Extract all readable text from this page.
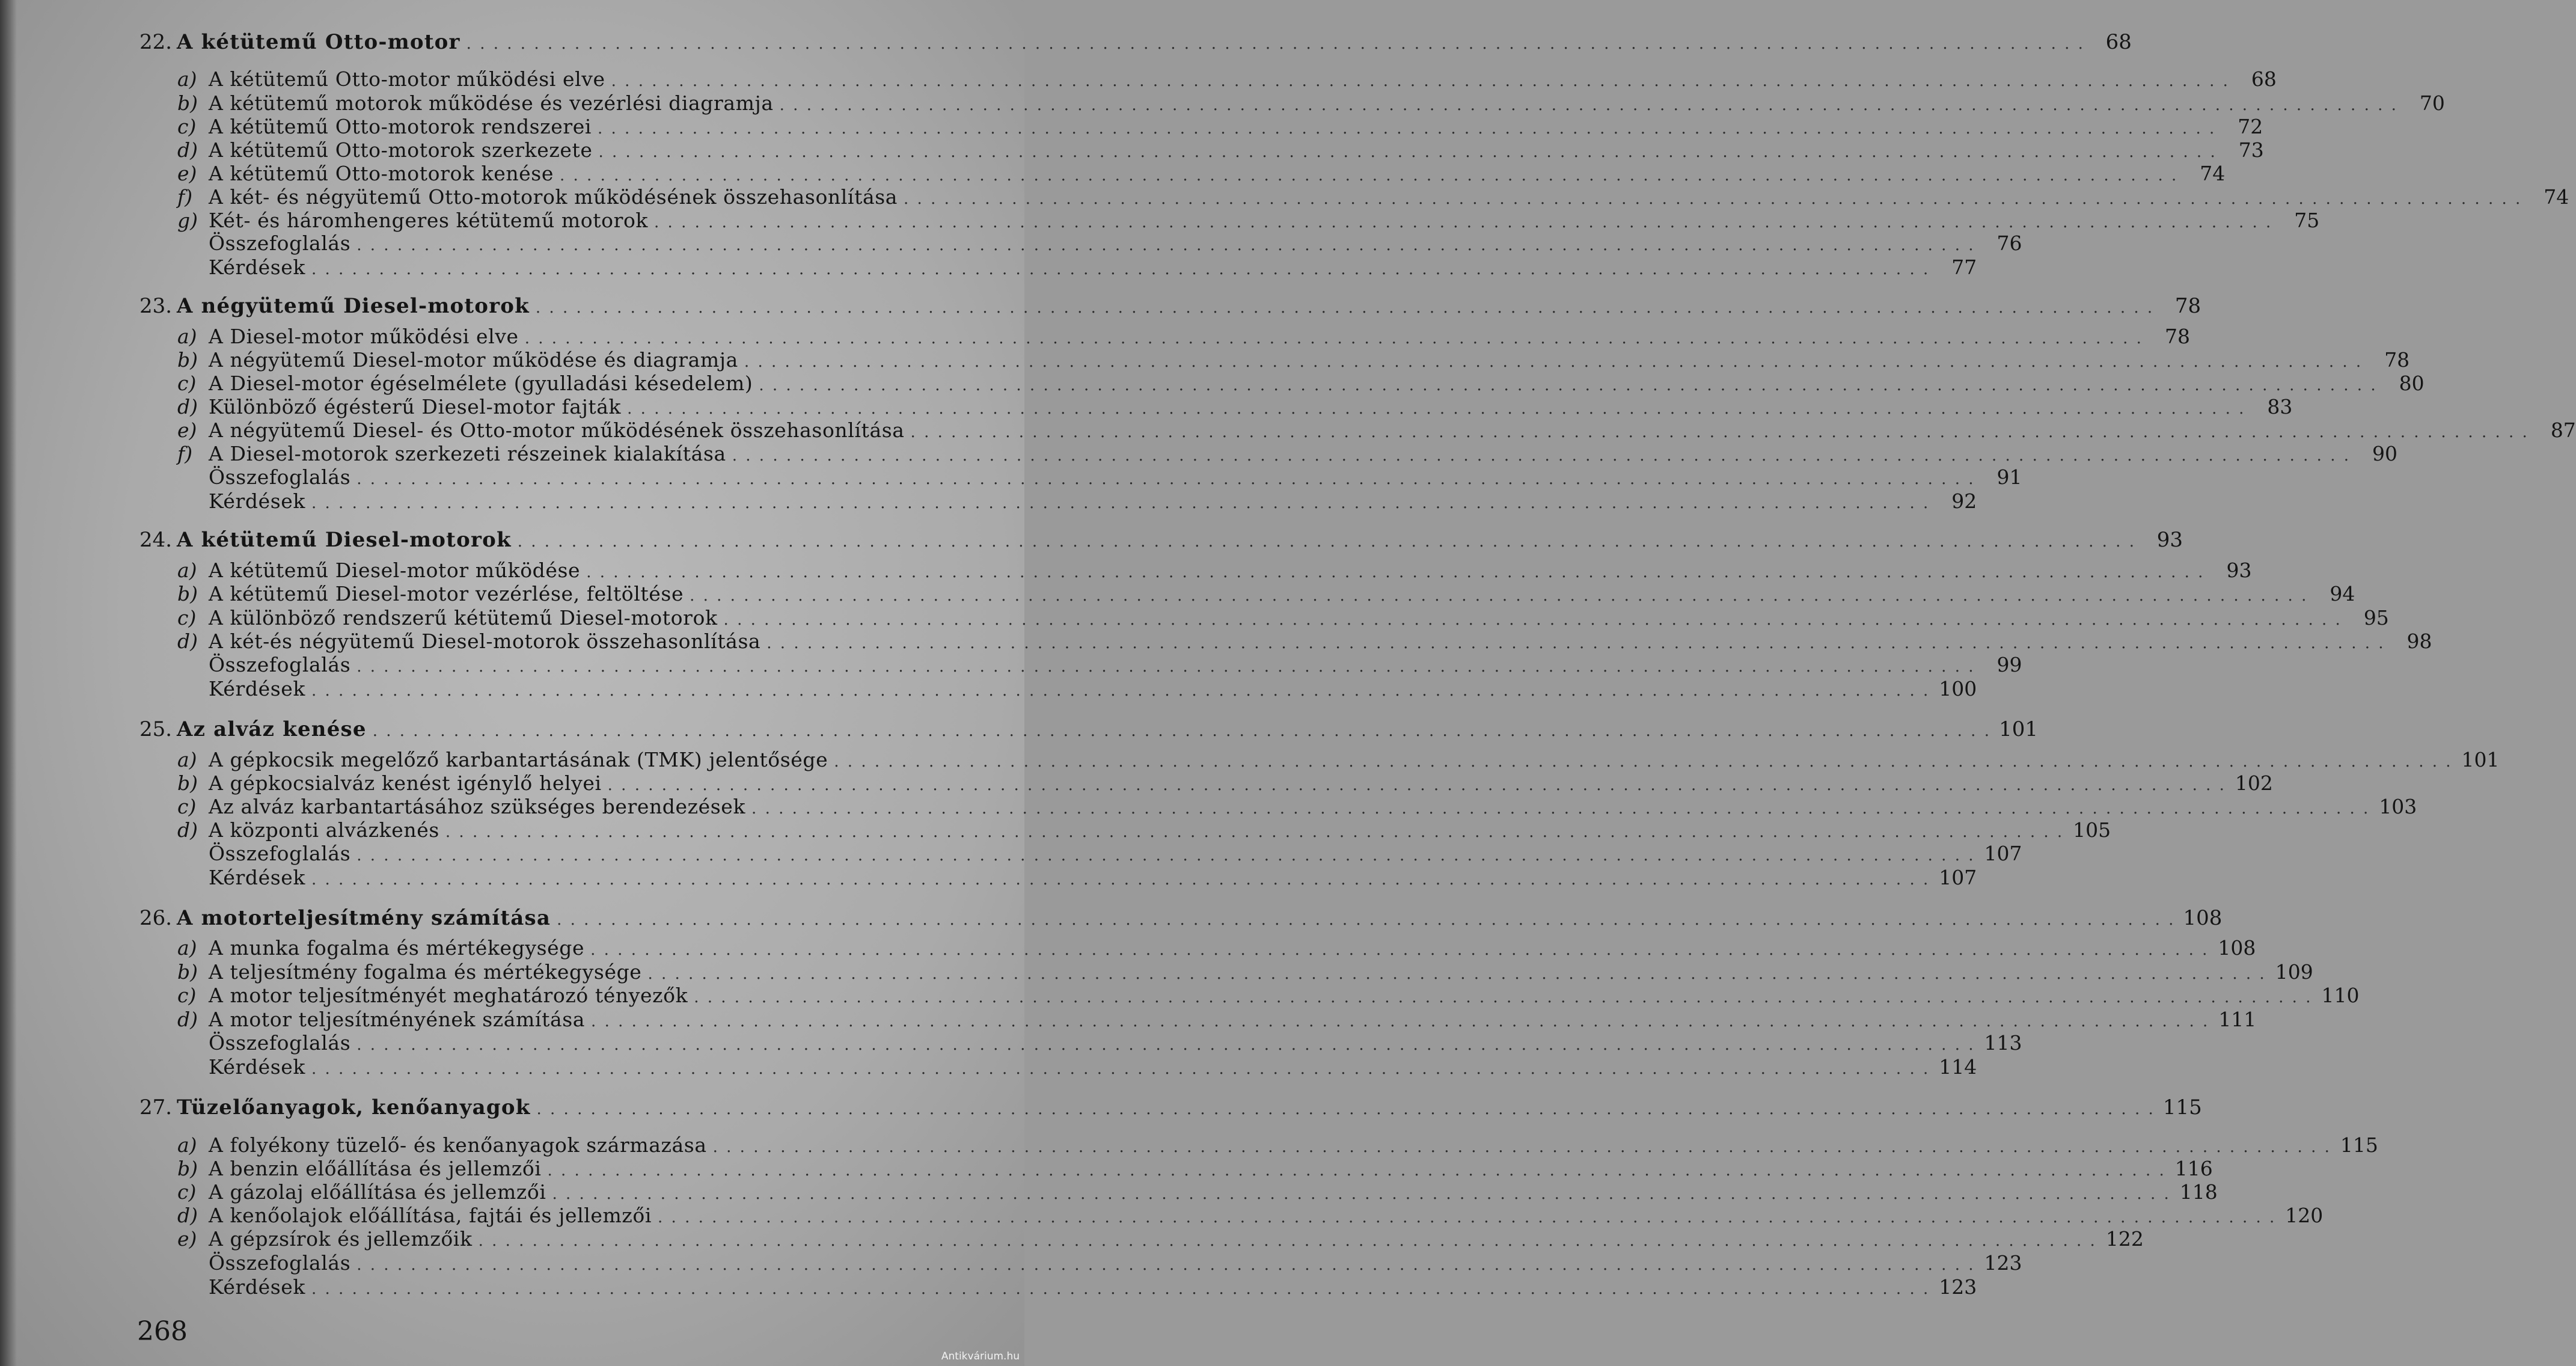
22. A kétütemű Otto-motor . . . . . . . . . . . . . . . . . . . . . . . . . . . . . . . . . . . . . . . . . . . . . . . . . . . . . . . . . . . . . . . . . . . . . . . . . . . . . . . . . . . . . . . . . . . . . . . . . . . . . . . . . . . . . . . . . . . . . . . .	68
a) A kétütemű Otto-motor működési elve . . . . . . . . . . . . . . . . . . . . . . . . . . . . . . . . . . . . . . . . . . . . . . . . . . . . . . . . . . . . . . . . . . . . . . . . . . . . . . . . . . . . . . . . . . . . . . . . . . . . . . . . . . . . . . . . . . . . . . . .	68
b) A kétütemű motorok működése és vezérlési diagramja . . . . . . . . . . . . . . . . . . . . . . . . . . . . . . . . . . . . . . . . . . . . . . . . . . . . . . . . . . . . . . . . . . . . . . . . . . . . . . . . . . . . . . . . . . . . . . . . . . . . . . . . . . . . . . . . . . . . . . . .	70
c) A kétütemű Otto-motorok rendszerei . . . . . . . . . . . . . . . . . . . . . . . . . . . . . . . . . . . . . . . . . . . . . . . . . . . . . . . . . . . . . . . . . . . . . . . . . . . . . . . . . . . . . . . . . . . . . . . . . . . . . . . . . . . . . . . . . . . . . . . .	72
d) A kétütemű Otto-motorok szerkezete . . . . . . . . . . . . . . . . . . . . . . . . . . . . . . . . . . . . . . . . . . . . . . . . . . . . . . . . . . . . . . . . . . . . . . . . . . . . . . . . . . . . . . . . . . . . . . . . . . . . . . . . . . . . . . . . . . . . . . . .	73
e) A kétütemű Otto-motorok kenése . . . . . . . . . . . . . . . . . . . . . . . . . . . . . . . . . . . . . . . . . . . . . . . . . . . . . . . . . . . . . . . . . . . . . . . . . . . . . . . . . . . . . . . . . . . . . . . . . . . . . . . . . . . . . . . . . . . . . . . .	74
f) A két- és négyütemű Otto-motorok működésének összehasonlítása . . . . . . . . . . . . . . . . . . . . . . . . . . . . . . . . . . . . . . . . . . . . . . . . . . . . . . . . . . . . . . . . . . . . . . . . . . . . . . . . . . . . . . . . . . . . . . . . . . . . . . . . . . . . . . . . . . . . . . . .	74
g) Két- és háromhengeres kétütemű motorok . . . . . . . . . . . . . . . . . . . . . . . . . . . . . . . . . . . . . . . . . . . . . . . . . . . . . . . . . . . . . . . . . . . . . . . . . . . . . . . . . . . . . . . . . . . . . . . . . . . . . . . . . . . . . . . . . . . . . . . .	75
Összefoglalás . . . . . . . . . . . . . . . . . . . . . . . . . . . . . . . . . . . . . . . . . . . . . . . . . . . . . . . . . . . . . . . . . . . . . . . . . . . . . . . . . . . . . . . . . . . . . . . . . . . . . . . . . . . . . . . . . . . . . . . .	76
Kérdések . . . . . . . . . . . . . . . . . . . . . . . . . . . . . . . . . . . . . . . . . . . . . . . . . . . . . . . . . . . . . . . . . . . . . . . . . . . . . . . . . . . . . . . . . . . . . . . . . . . . . . . . . . . . . . . . . . . . . . . .	77
23. A négyütemű Diesel-motorok . . . . . . . . . . . . . . . . . . . . . . . . . . . . . . . . . . . . . . . . . . . . . . . . . . . . . . . . . . . . . . . . . . . . . . . . . . . . . . . . . . . . . . . . . . . . . . . . . . . . . . . . . . . . . . . . . . . . . . . .	78
a) A Diesel-motor működési elve . . . . . . . . . . . . . . . . . . . . . . . . . . . . . . . . . . . . . . . . . . . . . . . . . . . . . . . . . . . . . . . . . . . . . . . . . . . . . . . . . . . . . . . . . . . . . . . . . . . . . . . . . . . . . . . . . . . . . . . .	78
b) A négyütemű Diesel-motor működése és diagramja . . . . . . . . . . . . . . . . . . . . . . . . . . . . . . . . . . . . . . . . . . . . . . . . . . . . . . . . . . . . . . . . . . . . . . . . . . . . . . . . . . . . . . . . . . . . . . . . . . . . . . . . . . . . . . . . . . . . . . . .	78
c) A Diesel-motor égéselmélete (gyulladási késedelem) . . . . . . . . . . . . . . . . . . . . . . . . . . . . . . . . . . . . . . . . . . . . . . . . . . . . . . . . . . . . . . . . . . . . . . . . . . . . . . . . . . . . . . . . . . . . . . . . . . . . . . . . . . . . . . . . . . . . . . . .	80
d) Különböző égésterű Diesel-motor fajták . . . . . . . . . . . . . . . . . . . . . . . . . . . . . . . . . . . . . . . . . . . . . . . . . . . . . . . . . . . . . . . . . . . . . . . . . . . . . . . . . . . . . . . . . . . . . . . . . . . . . . . . . . . . . . . . . . . . . . . .	83
e) A négyütemű Diesel- és Otto-motor működésének összehasonlítása . . . . . . . . . . . . . . . . . . . . . . . . . . . . . . . . . . . . . . . . . . . . . . . . . . . . . . . . . . . . . . . . . . . . . . . . . . . . . . . . . . . . . . . . . . . . . . . . . . . . . . . . . . . . . . . . . . . . . . . .	87
f) A Diesel-motorok szerkezeti részeinek kialakítása . . . . . . . . . . . . . . . . . . . . . . . . . . . . . . . . . . . . . . . . . . . . . . . . . . . . . . . . . . . . . . . . . . . . . . . . . . . . . . . . . . . . . . . . . . . . . . . . . . . . . . . . . . . . . . . . . . . . . . . .	90
Összefoglalás . . . . . . . . . . . . . . . . . . . . . . . . . . . . . . . . . . . . . . . . . . . . . . . . . . . . . . . . . . . . . . . . . . . . . . . . . . . . . . . . . . . . . . . . . . . . . . . . . . . . . . . . . . . . . . . . . . . . . . . .	91
Kérdések . . . . . . . . . . . . . . . . . . . . . . . . . . . . . . . . . . . . . . . . . . . . . . . . . . . . . . . . . . . . . . . . . . . . . . . . . . . . . . . . . . . . . . . . . . . . . . . . . . . . . . . . . . . . . . . . . . . . . . . .	92
24. A kétütemű Diesel-motorok . . . . . . . . . . . . . . . . . . . . . . . . . . . . . . . . . . . . . . . . . . . . . . . . . . . . . . . . . . . . . . . . . . . . . . . . . . . . . . . . . . . . . . . . . . . . . . . . . . . . . . . . . . . . . . . . . . . . . . . .	93
a) A kétütemű Diesel-motor működése . . . . . . . . . . . . . . . . . . . . . . . . . . . . . . . . . . . . . . . . . . . . . . . . . . . . . . . . . . . . . . . . . . . . . . . . . . . . . . . . . . . . . . . . . . . . . . . . . . . . . . . . . . . . . . . . . . . . . . . .	93
b) A kétütemű Diesel-motor vezérlése, feltöltése . . . . . . . . . . . . . . . . . . . . . . . . . . . . . . . . . . . . . . . . . . . . . . . . . . . . . . . . . . . . . . . . . . . . . . . . . . . . . . . . . . . . . . . . . . . . . . . . . . . . . . . . . . . . . . . . . . . . . . . .	94
c) A különböző rendszerű kétütemű Diesel-motorok . . . . . . . . . . . . . . . . . . . . . . . . . . . . . . . . . . . . . . . . . . . . . . . . . . . . . . . . . . . . . . . . . . . . . . . . . . . . . . . . . . . . . . . . . . . . . . . . . . . . . . . . . . . . . . . . . . . . . . . .	95
d) A két-és négyütemű Diesel-motorok összehasonlítása . . . . . . . . . . . . . . . . . . . . . . . . . . . . . . . . . . . . . . . . . . . . . . . . . . . . . . . . . . . . . . . . . . . . . . . . . . . . . . . . . . . . . . . . . . . . . . . . . . . . . . . . . . . . . . . . . . . . . . . .	98
Összefoglalás . . . . . . . . . . . . . . . . . . . . . . . . . . . . . . . . . . . . . . . . . . . . . . . . . . . . . . . . . . . . . . . . . . . . . . . . . . . . . . . . . . . . . . . . . . . . . . . . . . . . . . . . . . . . . . . . . . . . . . . .	99
Kérdések . . . . . . . . . . . . . . . . . . . . . . . . . . . . . . . . . . . . . . . . . . . . . . . . . . . . . . . . . . . . . . . . . . . . . . . . . . . . . . . . . . . . . . . . . . . . . . . . . . . . . . . . . . . . . . . . . . . . . . . . 100
25. Az alváz kenése . . . . . . . . . . . . . . . . . . . . . . . . . . . . . . . . . . . . . . . . . . . . . . . . . . . . . . . . . . . . . . . . . . . . . . . . . . . . . . . . . . . . . . . . . . . . . . . . . . . . . . . . . . . . . . . . . . . . . . . . 101
a) A gépkocsik megelőző karbantartásának (TMK) jelentősége . . . . . . . . . . . . . . . . . . . . . . . . . . . . . . . . . . . . . . . . . . . . . . . . . . . . . . . . . . . . . . . . . . . . . . . . . . . . . . . . . . . . . . . . . . . . . . . . . . . . . . . . . . . . . . . . . . . . . . . . 101
b) A gépkocsialváz kenést igénylő helyei . . . . . . . . . . . . . . . . . . . . . . . . . . . . . . . . . . . . . . . . . . . . . . . . . . . . . . . . . . . . . . . . . . . . . . . . . . . . . . . . . . . . . . . . . . . . . . . . . . . . . . . . . . . . . . . . . . . . . . . . 102
c) Az alváz karbantartásához szükséges berendezések . . . . . . . . . . . . . . . . . . . . . . . . . . . . . . . . . . . . . . . . . . . . . . . . . . . . . . . . . . . . . . . . . . . . . . . . . . . . . . . . . . . . . . . . . . . . . . . . . . . . . . . . . . . . . . . . . . . . . . . . 103
d) A központi alvázkenés . . . . . . . . . . . . . . . . . . . . . . . . . . . . . . . . . . . . . . . . . . . . . . . . . . . . . . . . . . . . . . . . . . . . . . . . . . . . . . . . . . . . . . . . . . . . . . . . . . . . . . . . . . . . . . . . . . . . . . . . 105
Összefoglalás . . . . . . . . . . . . . . . . . . . . . . . . . . . . . . . . . . . . . . . . . . . . . . . . . . . . . . . . . . . . . . . . . . . . . . . . . . . . . . . . . . . . . . . . . . . . . . . . . . . . . . . . . . . . . . . . . . . . . . . . 107
Kérdések . . . . . . . . . . . . . . . . . . . . . . . . . . . . . . . . . . . . . . . . . . . . . . . . . . . . . . . . . . . . . . . . . . . . . . . . . . . . . . . . . . . . . . . . . . . . . . . . . . . . . . . . . . . . . . . . . . . . . . . . 107
26. A motorteljesítmény számítása . . . . . . . . . . . . . . . . . . . . . . . . . . . . . . . . . . . . . . . . . . . . . . . . . . . . . . . . . . . . . . . . . . . . . . . . . . . . . . . . . . . . . . . . . . . . . . . . . . . . . . . . . . . . . . . . . . . . . . . . 108
a) A munka fogalma és mértékegysége . . . . . . . . . . . . . . . . . . . . . . . . . . . . . . . . . . . . . . . . . . . . . . . . . . . . . . . . . . . . . . . . . . . . . . . . . . . . . . . . . . . . . . . . . . . . . . . . . . . . . . . . . . . . . . . . . . . . . . . . 108
b) A teljesítmény fogalma és mértékegysége . . . . . . . . . . . . . . . . . . . . . . . . . . . . . . . . . . . . . . . . . . . . . . . . . . . . . . . . . . . . . . . . . . . . . . . . . . . . . . . . . . . . . . . . . . . . . . . . . . . . . . . . . . . . . . . . . . . . . . . . 109
c) A motor teljesítményét meghatározó tényezők . . . . . . . . . . . . . . . . . . . . . . . . . . . . . . . . . . . . . . . . . . . . . . . . . . . . . . . . . . . . . . . . . . . . . . . . . . . . . . . . . . . . . . . . . . . . . . . . . . . . . . . . . . . . . . . . . . . . . . . . 110
d) A motor teljesítményének számítása . . . . . . . . . . . . . . . . . . . . . . . . . . . . . . . . . . . . . . . . . . . . . . . . . . . . . . . . . . . . . . . . . . . . . . . . . . . . . . . . . . . . . . . . . . . . . . . . . . . . . . . . . . . . . . . . . . . . . . . . 111
Összefoglalás . . . . . . . . . . . . . . . . . . . . . . . . . . . . . . . . . . . . . . . . . . . . . . . . . . . . . . . . . . . . . . . . . . . . . . . . . . . . . . . . . . . . . . . . . . . . . . . . . . . . . . . . . . . . . . . . . . . . . . . . 113
Kérdések . . . . . . . . . . . . . . . . . . . . . . . . . . . . . . . . . . . . . . . . . . . . . . . . . . . . . . . . . . . . . . . . . . . . . . . . . . . . . . . . . . . . . . . . . . . . . . . . . . . . . . . . . . . . . . . . . . . . . . . . 114
27. Tüzelőanyagok, kenőanyagok . . . . . . . . . . . . . . . . . . . . . . . . . . . . . . . . . . . . . . . . . . . . . . . . . . . . . . . . . . . . . . . . . . . . . . . . . . . . . . . . . . . . . . . . . . . . . . . . . . . . . . . . . . . . . . . . . . . . . . . . 115
a) A folyékony tüzelő- és kenőanyagok származása . . . . . . . . . . . . . . . . . . . . . . . . . . . . . . . . . . . . . . . . . . . . . . . . . . . . . . . . . . . . . . . . . . . . . . . . . . . . . . . . . . . . . . . . . . . . . . . . . . . . . . . . . . . . . . . . . . . . . . . . 115
b) A benzin előállítása és jellemzői . . . . . . . . . . . . . . . . . . . . . . . . . . . . . . . . . . . . . . . . . . . . . . . . . . . . . . . . . . . . . . . . . . . . . . . . . . . . . . . . . . . . . . . . . . . . . . . . . . . . . . . . . . . . . . . . . . . . . . . . 116
c) A gázolaj előállítása és jellemzői . . . . . . . . . . . . . . . . . . . . . . . . . . . . . . . . . . . . . . . . . . . . . . . . . . . . . . . . . . . . . . . . . . . . . . . . . . . . . . . . . . . . . . . . . . . . . . . . . . . . . . . . . . . . . . . . . . . . . . . . 118
d) A kenőolajok előállítása, fajtái és jellemzői . . . . . . . . . . . . . . . . . . . . . . . . . . . . . . . . . . . . . . . . . . . . . . . . . . . . . . . . . . . . . . . . . . . . . . . . . . . . . . . . . . . . . . . . . . . . . . . . . . . . . . . . . . . . . . . . . . . . . . . . 120
e) A gépzsírok és jellemzőik . . . . . . . . . . . . . . . . . . . . . . . . . . . . . . . . . . . . . . . . . . . . . . . . . . . . . . . . . . . . . . . . . . . . . . . . . . . . . . . . . . . . . . . . . . . . . . . . . . . . . . . . . . . . . . . . . . . . . . . . 122
Összefoglalás . . . . . . . . . . . . . . . . . . . . . . . . . . . . . . . . . . . . . . . . . . . . . . . . . . . . . . . . . . . . . . . . . . . . . . . . . . . . . . . . . . . . . . . . . . . . . . . . . . . . . . . . . . . . . . . . . . . . . . . . 123
Kérdések . . . . . . . . . . . . . . . . . . . . . . . . . . . . . . . . . . . . . . . . . . . . . . . . . . . . . . . . . . . . . . . . . . . . . . . . . . . . . . . . . . . . . . . . . . . . . . . . . . . . . . . . . . . . . . . . . . . . . . . . 123
268
Antikvárium.hu
